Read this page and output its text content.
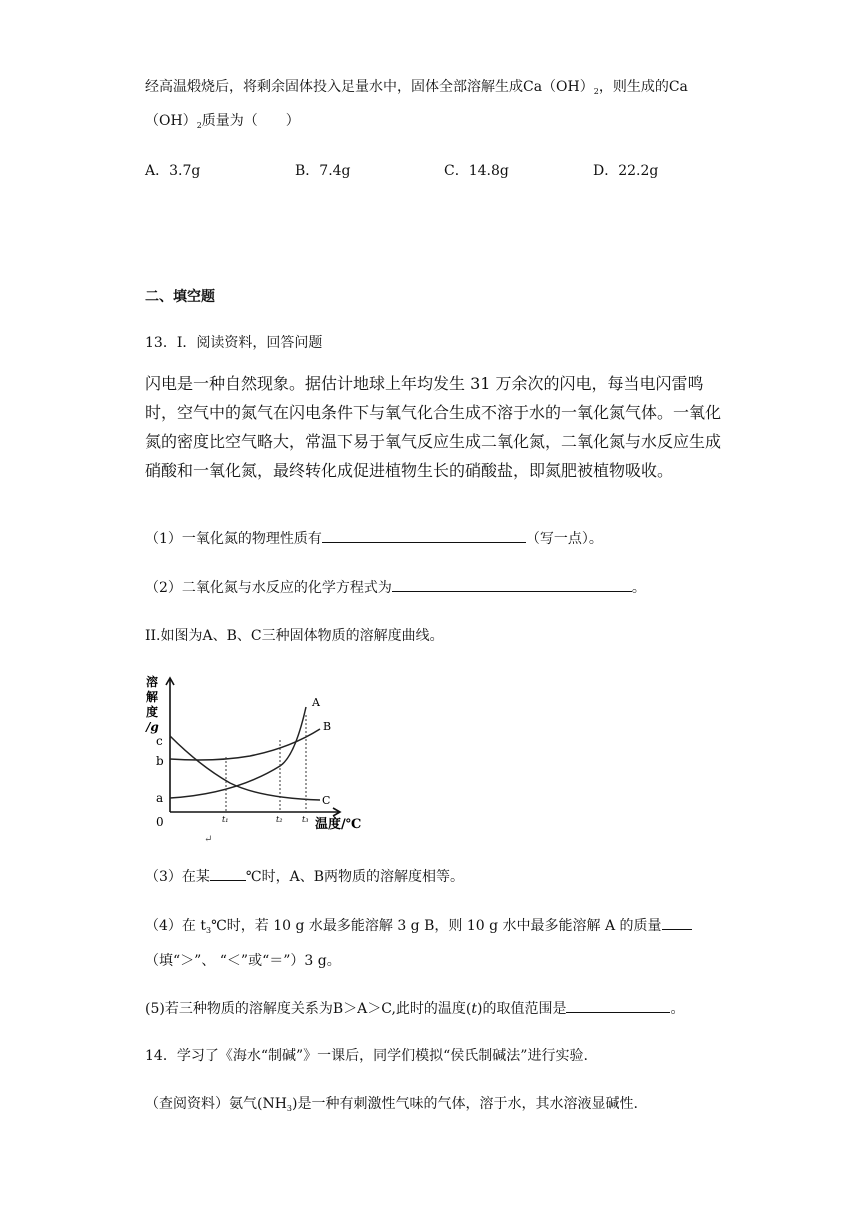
经高温煅烧后，将剩余固体投入足量水中，固体全部溶解生成$Ca(OH)_2$，则生成的Ca
$(OH)_2$质量为（　　）
A．3.7g	B．7.4g	C．14.8g	D．22.2g
二、填空题
13．I．阅读资料，回答问题
闪电是一种自然现象。据估计地球上年均发生 31 万余次的闪电，每当电闪雷鸣时，空气中的氮气在闪电条件下与氧气化合生成不溶于水的一氧化氮气体。一氧化氮的密度比空气略大，常温下易于氧气反应生成二氧化氮，二氧化氮与水反应生成硝酸和一氧化氮，最终转化成促进植物生长的硝酸盐，即氮肥被植物吸收。
（1）一氧化氮的物理性质有	（写一点）。
（2）二氧化氮与水反应的化学方程式为	。
II.如图为A、B、C三种固体物质的溶解度曲线。
溶
解
度
/g
c
b
a
A
B
C
0	t₁	t₂ t₃ 温度/℃
↵
（3）在某	℃时，A、B两物质的溶解度相等。
（4）在 $t_3℃$时，若 10 g 水最多能溶解 3 g B，则 10 g 水中最多能溶解 A 的质量
（填“＞”、 “＜”或“＝”）3 g。
(5)若三种物质的溶解度关系为B＞A＞C,此时的温度(t)的取值范围是	。
14．学习了《海水“制碱”》一课后，同学们模拟“侯氏制碱法”进行实验.
（查阅资料）氨气$(NH_3)$是一种有刺激性气味的气体，溶于水，其水溶液显碱性.
